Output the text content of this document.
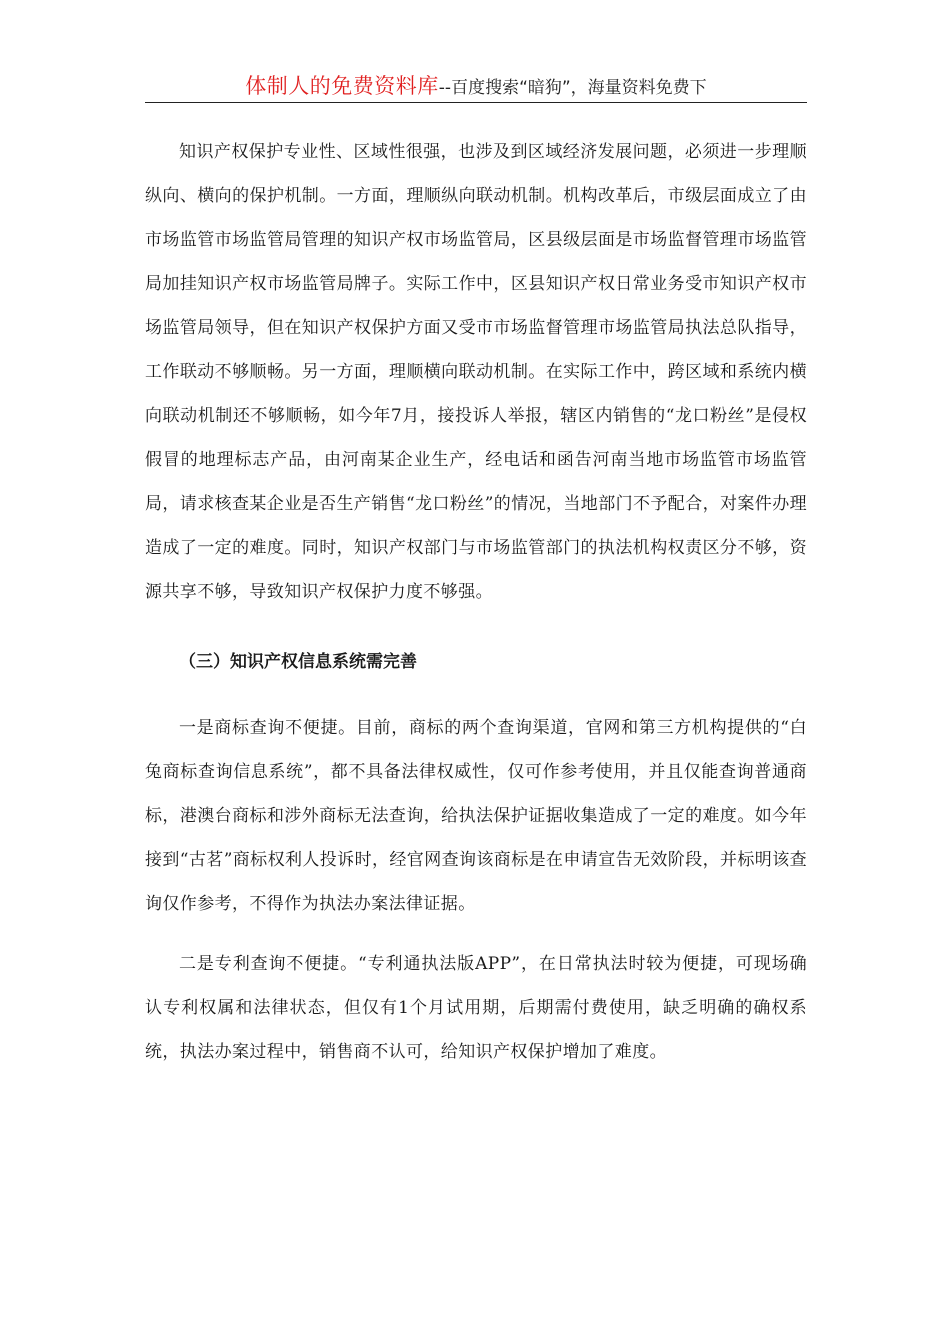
体制人的免费资料库--百度搜索“暗狗”，海量资料免费下

知识产权保护专业性、区域性很强，也涉及到区域经济发展问题，必须进一步理顺纵向、横向的保护机制。一方面，理顺纵向联动机制。机构改革后，市级层面成立了由市场监管市场监管局管理的知识产权市场监管局，区县级层面是市场监督管理市场监管局加挂知识产权市场监管局牌子。实际工作中，区县知识产权日常业务受市知识产权市场监管局领导，但在知识产权保护方面又受市市场监督管理市场监管局执法总队指导，工作联动不够顺畅。另一方面，理顺横向联动机制。在实际工作中，跨区域和系统内横向联动机制还不够顺畅，如今年7月，接投诉人举报，辖区内销售的“龙口粉丝”是侵权假冒的地理标志产品，由河南某企业生产，经电话和函告河南当地市场监管市场监管局，请求核查某企业是否生产销售“龙口粉丝”的情况，当地部门不予配合，对案件办理造成了一定的难度。同时，知识产权部门与市场监管部门的执法机构权责区分不够，资源共享不够，导致知识产权保护力度不够强。

（三）知识产权信息系统需完善

一是商标查询不便捷。目前，商标的两个查询渠道，官网和第三方机构提供的“白兔商标查询信息系统”，都不具备法律权威性，仅可作参考使用，并且仅能查询普通商标，港澳台商标和涉外商标无法查询，给执法保护证据收集造成了一定的难度。如今年接到“古茗”商标权利人投诉时，经官网查询该商标是在申请宣告无效阶段，并标明该查询仅作参考，不得作为执法办案法律证据。

二是专利查询不便捷。“专利通执法版APP”，在日常执法时较为便捷，可现场确认专利权属和法律状态，但仅有1个月试用期，后期需付费使用，缺乏明确的确权系统，执法办案过程中，销售商不认可，给知识产权保护增加了难度。
